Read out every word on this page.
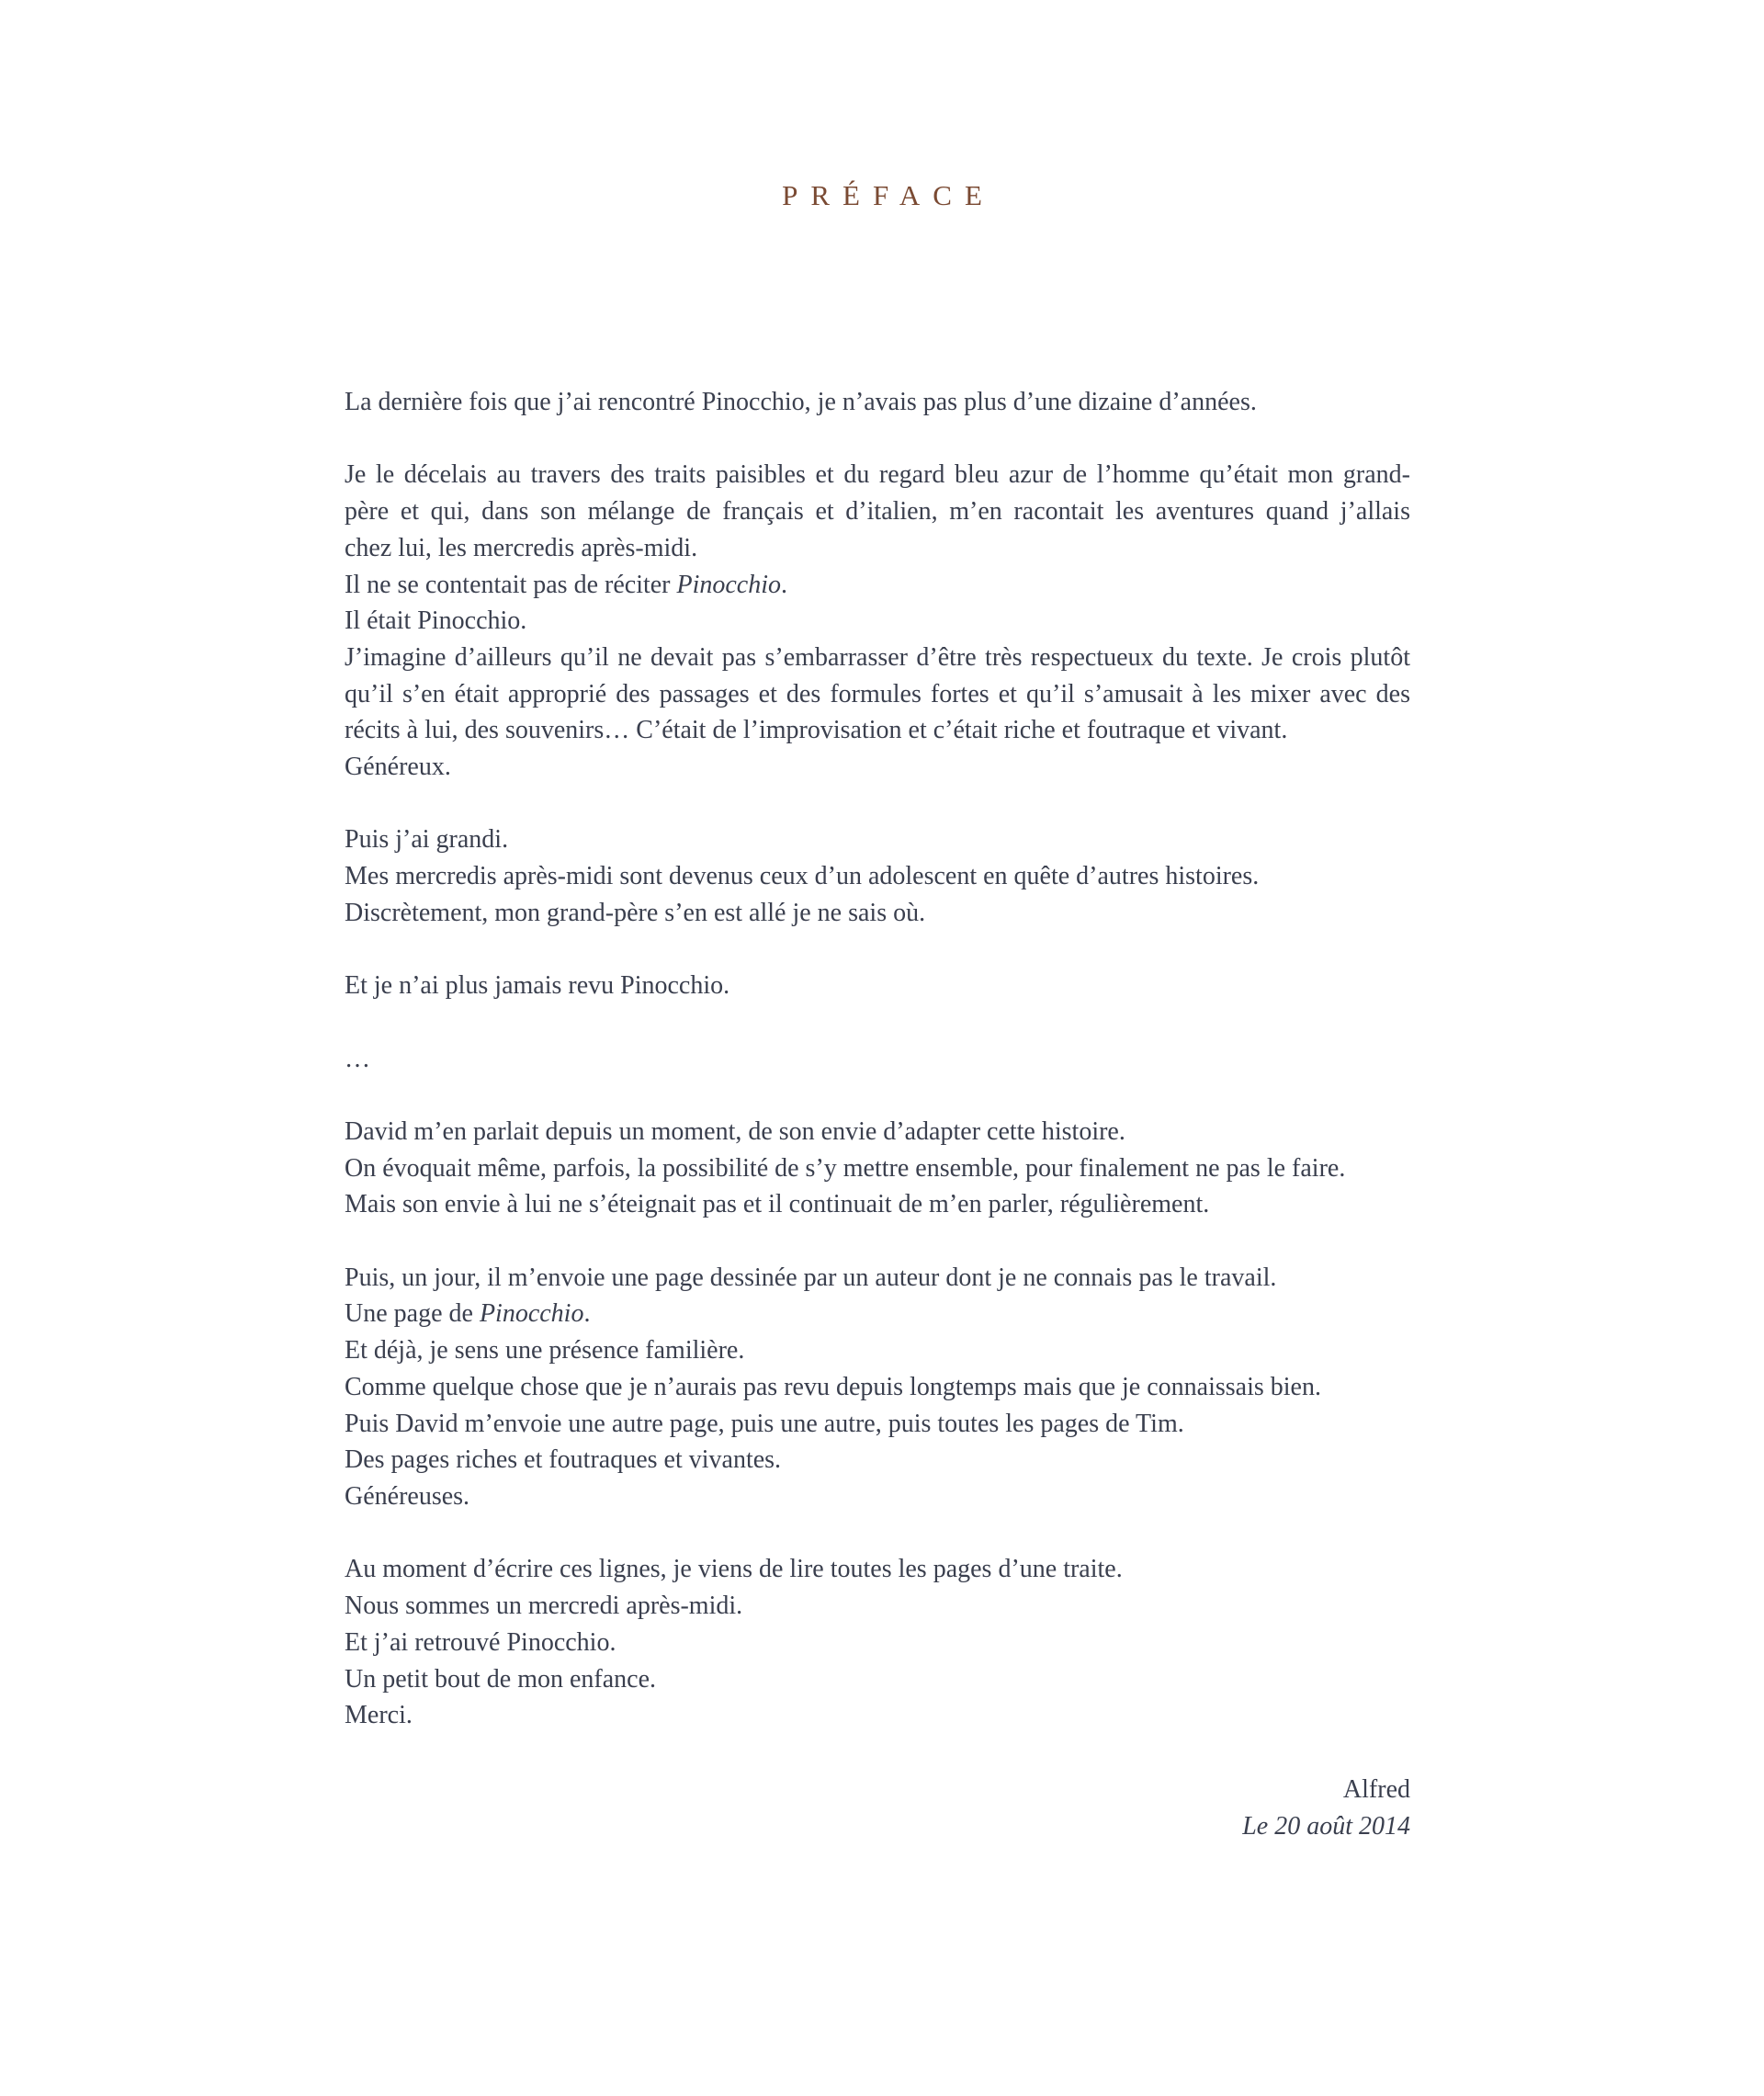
PRÉFACE
La dernière fois que j’ai rencontré Pinocchio, je n’avais pas plus d’une dizaine d’années.
Je le décelais au travers des traits paisibles et du regard bleu azur de l’homme qu’était mon grand-
père et qui, dans son mélange de français et d’italien, m’en racontait les aventures quand j’allais
chez lui, les mercredis après-midi.
Il ne se contentait pas de réciter Pinocchio.
Il était Pinocchio.
J’imagine d’ailleurs qu’il ne devait pas s’embarrasser d’être très respectueux du texte. Je crois plutôt
qu’il s’en était approprié des passages et des formules fortes et qu’il s’amusait à les mixer avec des
récits à lui, des souvenirs… C’était de l’improvisation et c’était riche et foutraque et vivant.
Généreux.
Puis j’ai grandi.
Mes mercredis après-midi sont devenus ceux d’un adolescent en quête d’autres histoires.
Discrètement, mon grand-père s’en est allé je ne sais où.
Et je n’ai plus jamais revu Pinocchio.
…
David m’en parlait depuis un moment, de son envie d’adapter cette histoire.
On évoquait même, parfois, la possibilité de s’y mettre ensemble, pour finalement ne pas le faire.
Mais son envie à lui ne s’éteignait pas et il continuait de m’en parler, régulièrement.
Puis, un jour, il m’envoie une page dessinée par un auteur dont je ne connais pas le travail.
Une page de Pinocchio.
Et déjà, je sens une présence familière.
Comme quelque chose que je n’aurais pas revu depuis longtemps mais que je connaissais bien.
Puis David m’envoie une autre page, puis une autre, puis toutes les pages de Tim.
Des pages riches et foutraques et vivantes.
Généreuses.
Au moment d’écrire ces lignes, je viens de lire toutes les pages d’une traite.
Nous sommes un mercredi après-midi.
Et j’ai retrouvé Pinocchio.
Un petit bout de mon enfance.
Merci.
Alfred
Le 20 août 2014
